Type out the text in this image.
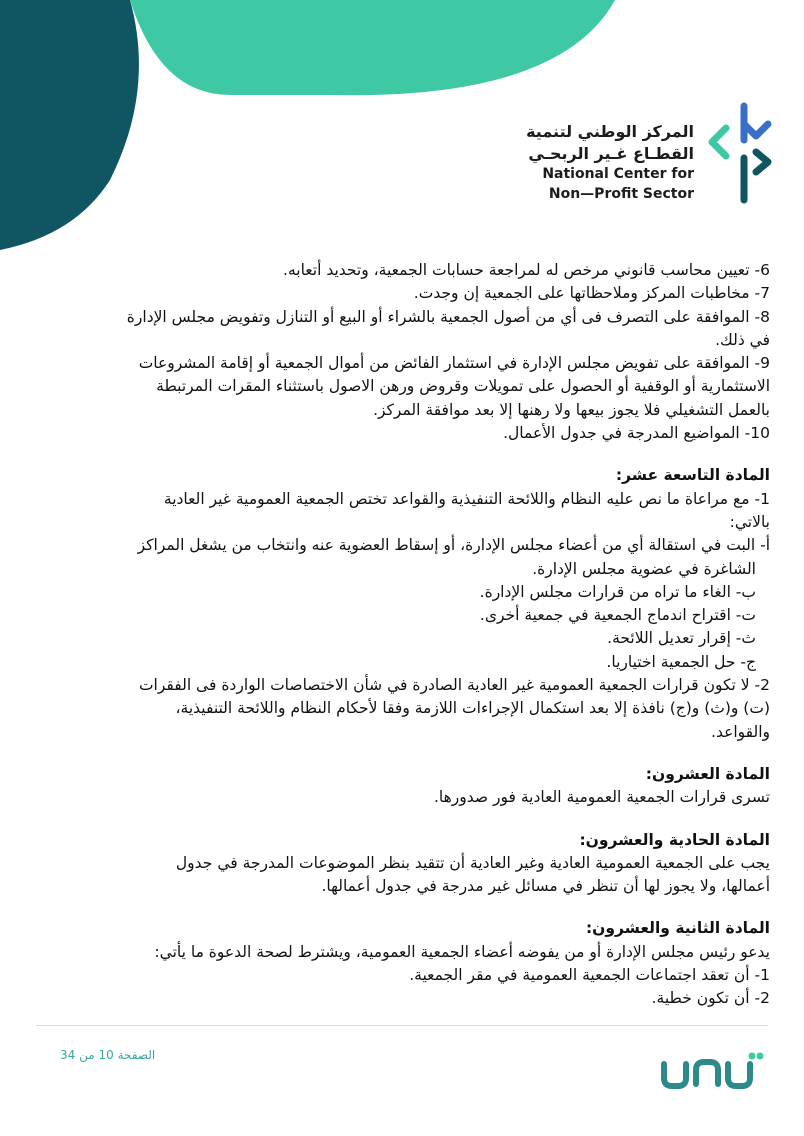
المركز الوطني لتنمية
القطـاع غـير الربحـي
National Center for
Non—Profit Sector
6- تعيين محاسب قانوني مرخص له لمراجعة حسابات الجمعية، وتحديد أتعابه.
7- مخاطبات المركز وملاحظاتها على الجمعية إن وجدت.
8- الموافقة على التصرف فى أي من أصول الجمعية بالشراء أو البيع أو التنازل وتفويض مجلس الإدارة
في ذلك.
9- الموافقة على تفويض مجلس الإدارة في استثمار الفائض من أموال الجمعية أو إقامة المشروعات
الاستثمارية أو الوقفية أو الحصول على تمويلات وقروض ورهن الاصول باستثناء المقرات المرتبطة
بالعمل التشغيلي فلا يجوز بيعها ولا رهنها إلا بعد موافقة المركز.
10- المواضيع المدرجة في جدول الأعمال.
المادة التاسعة عشر:
1- مع مراعاة ما نص عليه النظام واللائحة التنفيذية والقواعد تختص الجمعية العمومية غير العادية
بالاتي:
أ- البت في استقالة أي من أعضاء مجلس الإدارة، أو إسقاط العضوية عنه وانتخاب من يشغل المراكز
الشاغرة في عضوية مجلس الإدارة.
ب- الغاء ما تراه من قرارات مجلس الإدارة.
ت- اقتراح اندماج الجمعية في جمعية أخرى.
ث- إقرار تعديل اللائحة.
ج- حل الجمعية اختياريا.
2- لا تكون قرارات الجمعية العمومية غير العادية الصادرة في شأن الاختصاصات الواردة فى الفقرات
(ت) و(ث) و(ج) نافذة إلا بعد استكمال الإجراءات اللازمة وفقا لأحكام النظام واللائحة التنفيذية،
والقواعد.
المادة العشرون:
تسرى قرارات الجمعية العمومية العادية فور صدورها.
المادة الحادية والعشرون:
يجب على الجمعية العمومية العادية وغير العادية أن تتقيد بنظر الموضوعات المدرجة في جدول
أعمالها، ولا يجوز لها أن تنظر في مسائل غير مدرجة في جدول أعمالها.
المادة الثانية والعشرون:
يدعو رئيس مجلس الإدارة أو من يفوضه أعضاء الجمعية العمومية، ويشترط لصحة الدعوة ما يأتي:
1- أن تعقد اجتماعات الجمعية العمومية في مقر الجمعية.
2- أن تكون خطية.
الصفحة 10 من 34
